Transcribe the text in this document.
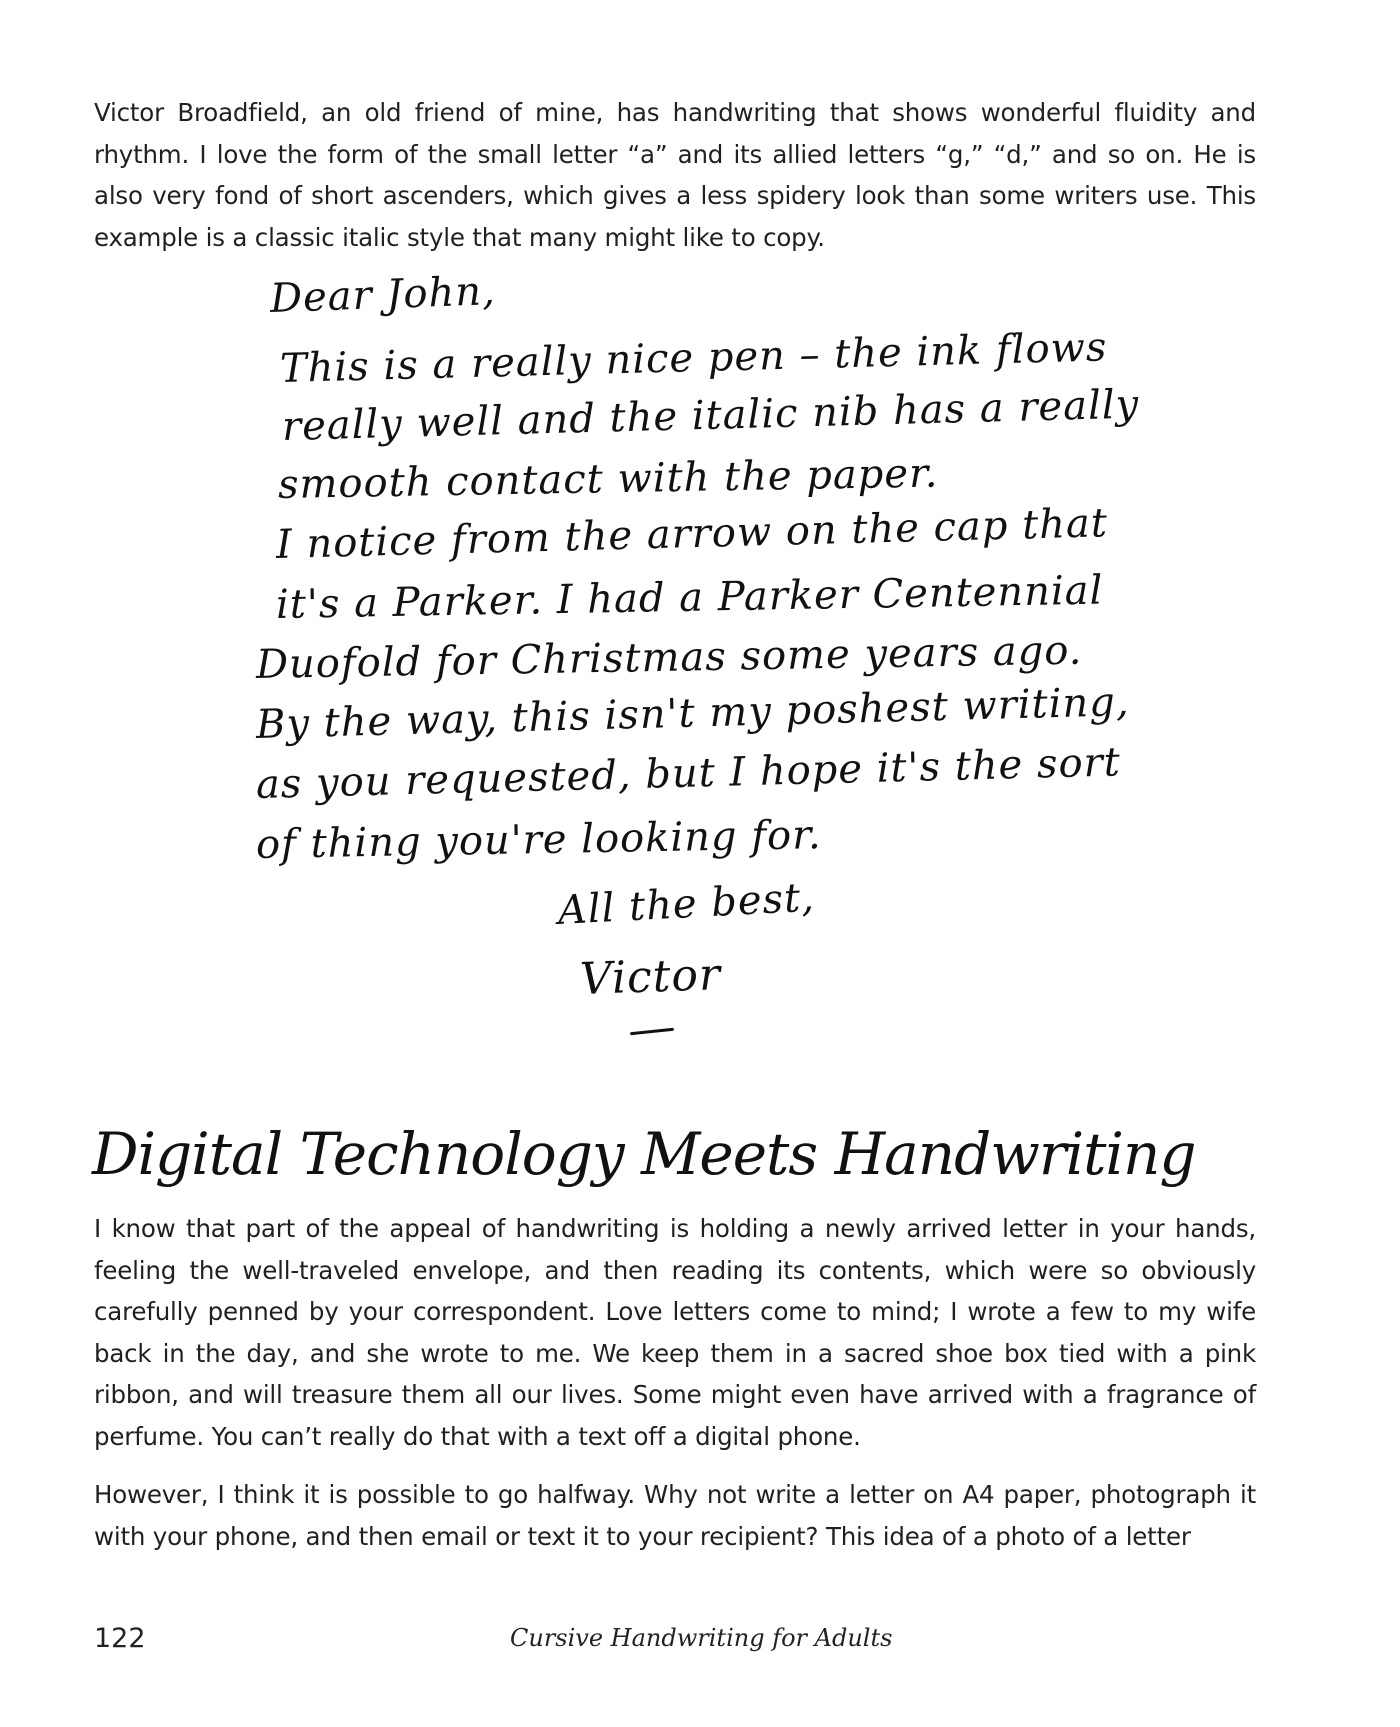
Victor Broadfield, an old friend of mine, has handwriting that shows wonderful fluidity and rhythm. I love the form of the small letter “a” and its allied letters “g,” “d,” and so on. He is also very fond of short ascenders, which gives a less spidery look than some writers use. This example is a classic italic style that many might like to copy.

Dear John,
This is a really nice pen – the ink flows
really well and the italic nib has a really
smooth contact with the paper.
I notice from the arrow on the cap that
it's a Parker. I had a Parker Centennial
Duofold for Christmas some years ago.
By the way, this isn't my poshest writing,
as you requested, but I hope it's the sort
of thing you're looking for.
All the best,
Victor
Digital Technology Meets Handwriting

I know that part of the appeal of handwriting is holding a newly arrived letter in your hands, feeling the well-traveled envelope, and then reading its contents, which were so obviously carefully penned by your correspondent. Love letters come to mind; I wrote a few to my wife back in the day, and she wrote to me. We keep them in a sacred shoe box tied with a pink ribbon, and will treasure them all our lives. Some might even have arrived with a fragrance of perfume. You can’t really do that with a text off a digital phone.

However, I think it is possible to go halfway. Why not write a letter on A4 paper, photograph it with your phone, and then email or text it to your recipient? This idea of a photo of a letter

122	Cursive Handwriting for Adults
